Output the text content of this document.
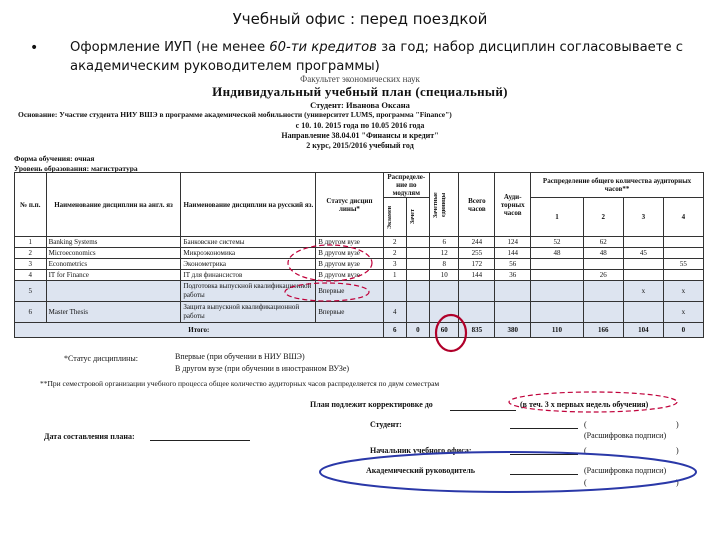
Учебный офис : перед поездкой
• Оформление ИУП (не менее 60-ти кредитов за год; набор дисциплин согласовываете с академическим руководителем программы)
Факультет экономических наук
Индивидуальный учебный план (специальный)
Студент: Иванова Оксана
Основание: Участие студента НИУ ВШЭ в программе академической мобильности (университет LUMS, программа "Finance")
с 10. 10. 2015 года по 10.05 2016 года
Направление 38.04.01 "Финансы и кредит"
2 курс, 2015/2016 учебный год
Форма обучения: очная
Уровень образования: магистратура
№ п.п.	Наименование дисциплин на англ. яз	Наименование дисциплин на русский яз.	Статус дисцип лины*	Распределе-ние по модулям		Зачетные единицы	Всего часов	Ауди-торных часов	Распределение общего количества аудиторных часов**			

				Экзамен	Зачет				1	2	3	4
1	Banking Systems	Банковские системы	В другом вузе	2		6	244	124	52	62		
2	Microeconomics	Микроэкономика	В другом вузе	2		12	255	144	48	48	45	
3	Econometrics	Эконометрика	В другом вузе	3		8	172	56				55
4	IT for Finance	IT для финансистов	В другом вузе	1		10	144	36		26		
5		Подготовка выпускной квалификационной работы	Впервые								x	x
6	Master Thesis	Защита выпускной квалификационной работы	Впервые	4								x
Итого:				6	0	60	835	380	110	166	104	0
*Статус дисциплины:	Впервые (при обучении в НИУ ВШЭ)
В другом вузе (при обучении в иностранном ВУЗе)
**При семестровой организации учебного процесса общее количество аудиторных часов распределяется по двум семестрам
План подлежит корректировке до	(в теч. 3 х первых недель обучения)
Дата составления плана:
Студент:	(	)
(Расшифровка подписи)
Начальник учебного офиса:	(	)
Академический руководитель	(Расшифровка подписи)
(	)
